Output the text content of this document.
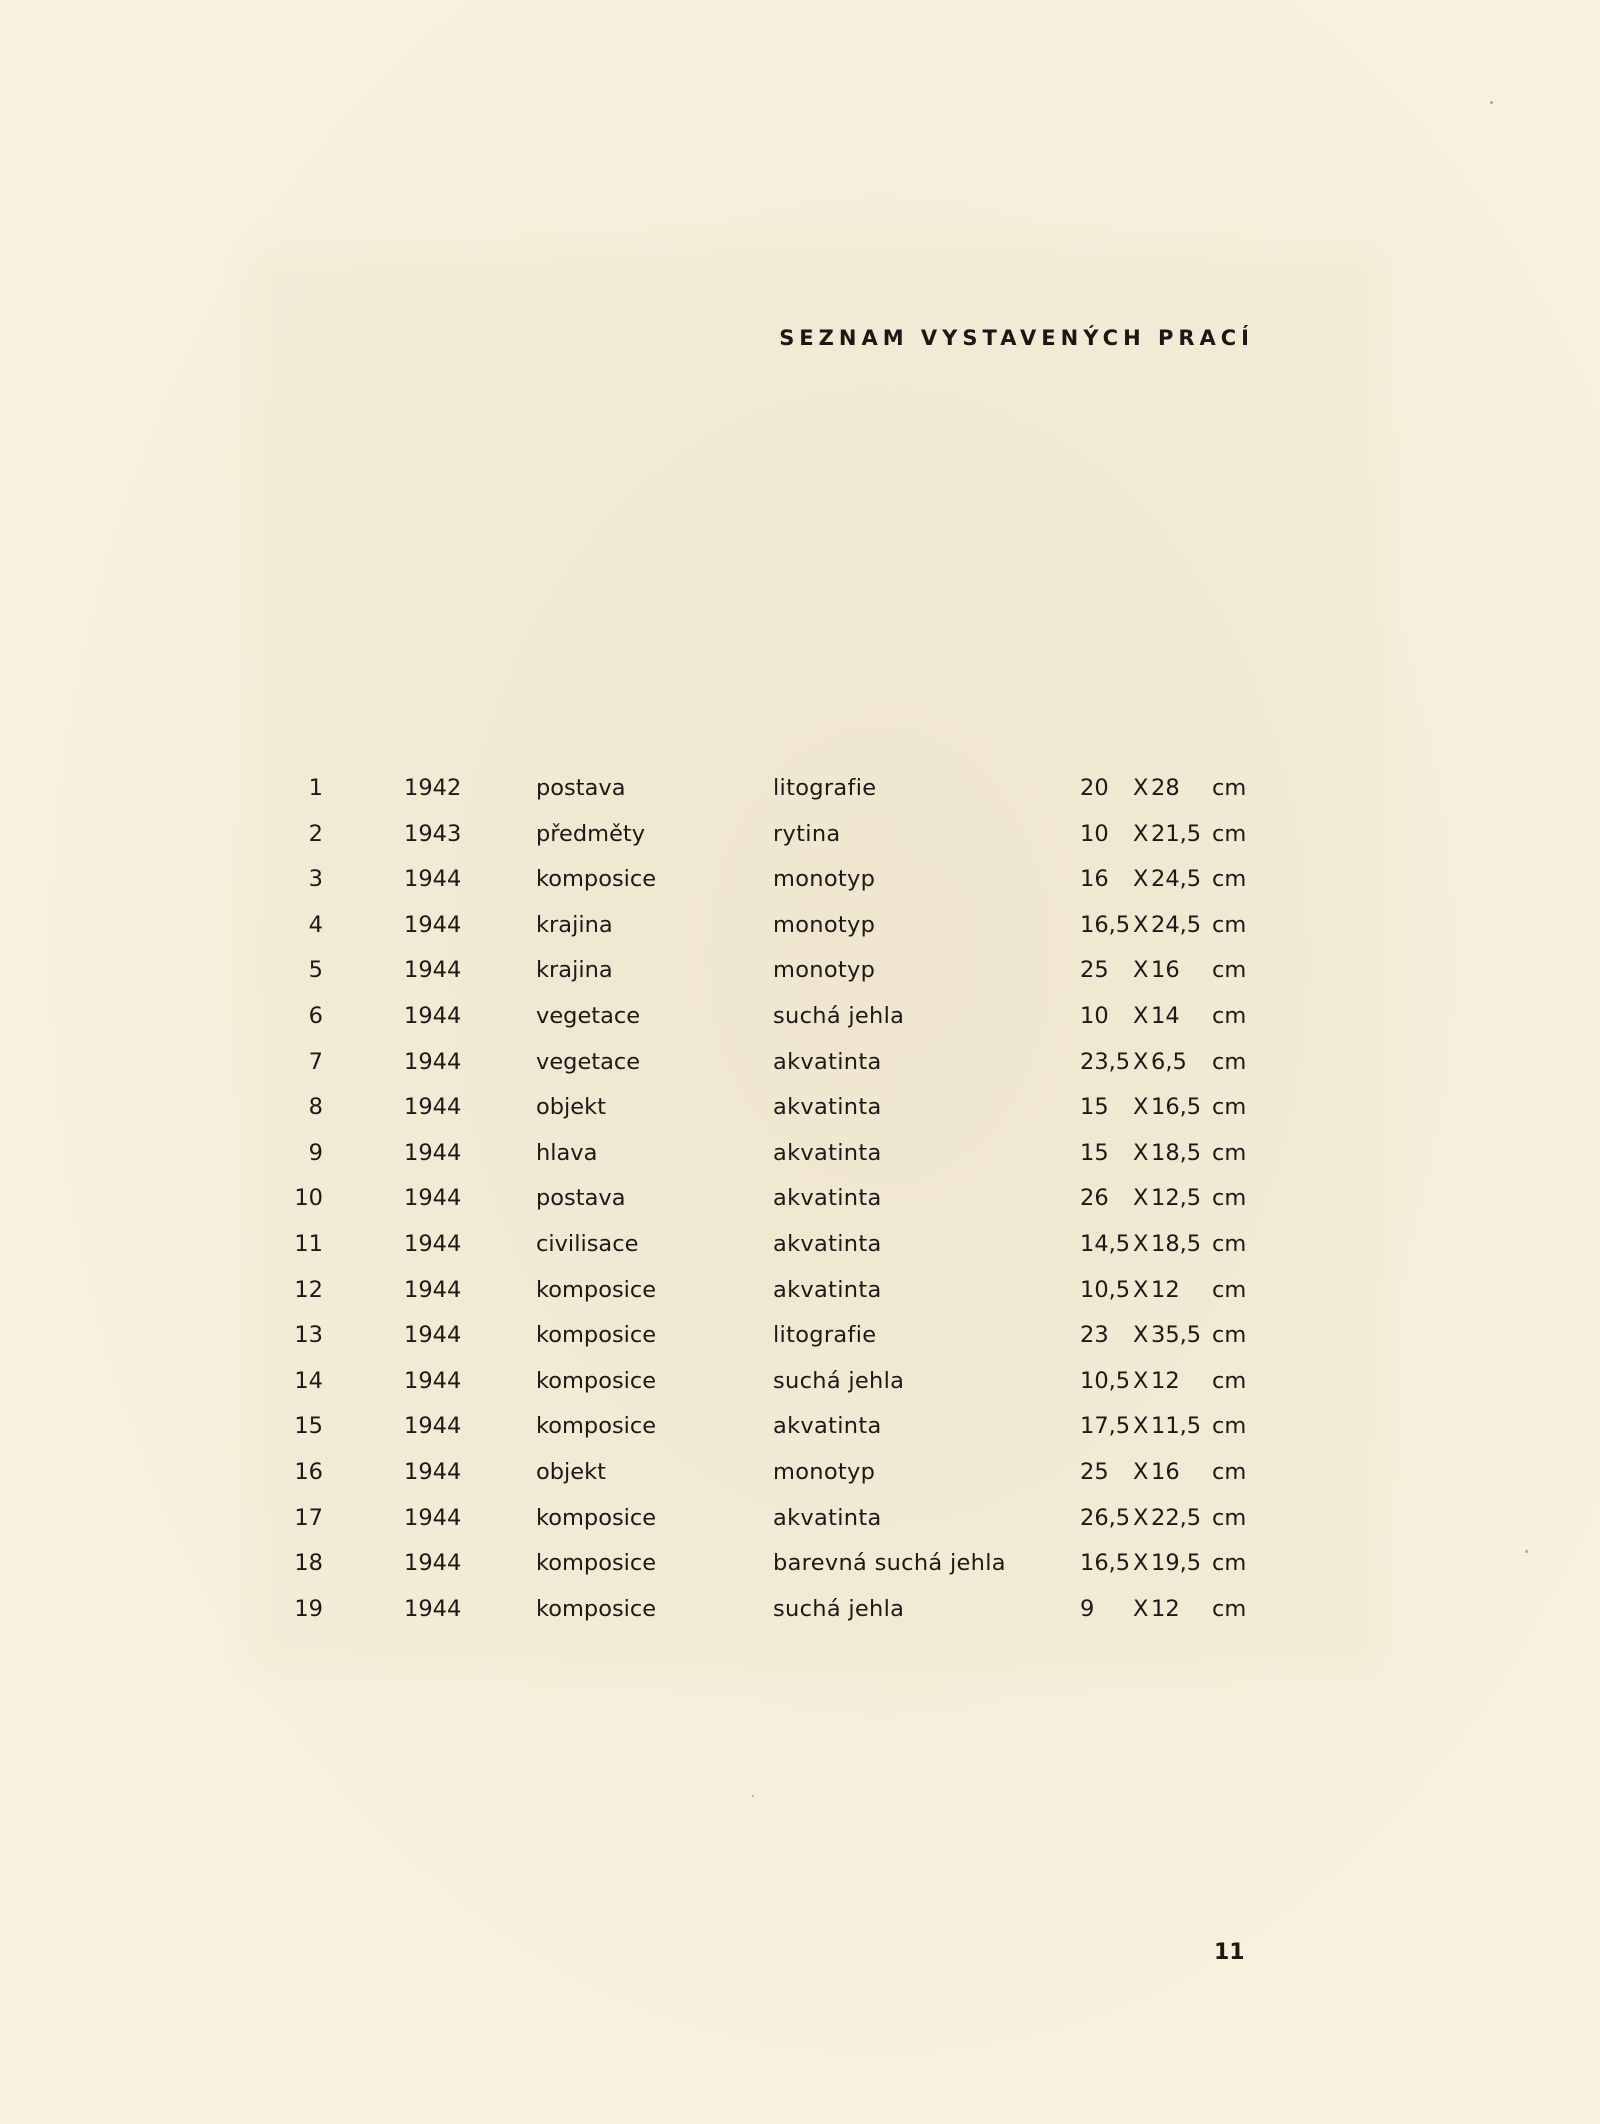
SEZNAM VYSTAVENÝCH PRACÍ
1	1942	postava	litografie	20 X 28 cm
2	1943	předměty	rytina	10 X 21,5 cm
3	1944	komposice	monotyp	16 X 24,5 cm
4	1944	krajina	monotyp	16,5 X 24,5 cm
5	1944	krajina	monotyp	25 X 16 cm
6	1944	vegetace	suchá jehla	10 X 14 cm
7	1944	vegetace	akvatinta	23,5 X 6,5 cm
8	1944	objekt	akvatinta	15 X 16,5 cm
9	1944	hlava	akvatinta	15 X 18,5 cm
10	1944	postava	akvatinta	26 X 12,5 cm
11	1944	civilisace	akvatinta	14,5 X 18,5 cm
12	1944	komposice	akvatinta	10,5 X 12 cm
13	1944	komposice	litografie	23 X 35,5 cm
14	1944	komposice	suchá jehla	10,5 X 12 cm
15	1944	komposice	akvatinta	17,5 X 11,5 cm
16	1944	objekt	monotyp	25 X 16 cm
17	1944	komposice	akvatinta	26,5 X 22,5 cm
18	1944	komposice	barevná suchá jehla	16,5 X 19,5 cm
19	1944	komposice	suchá jehla	9 X 12 cm
11
